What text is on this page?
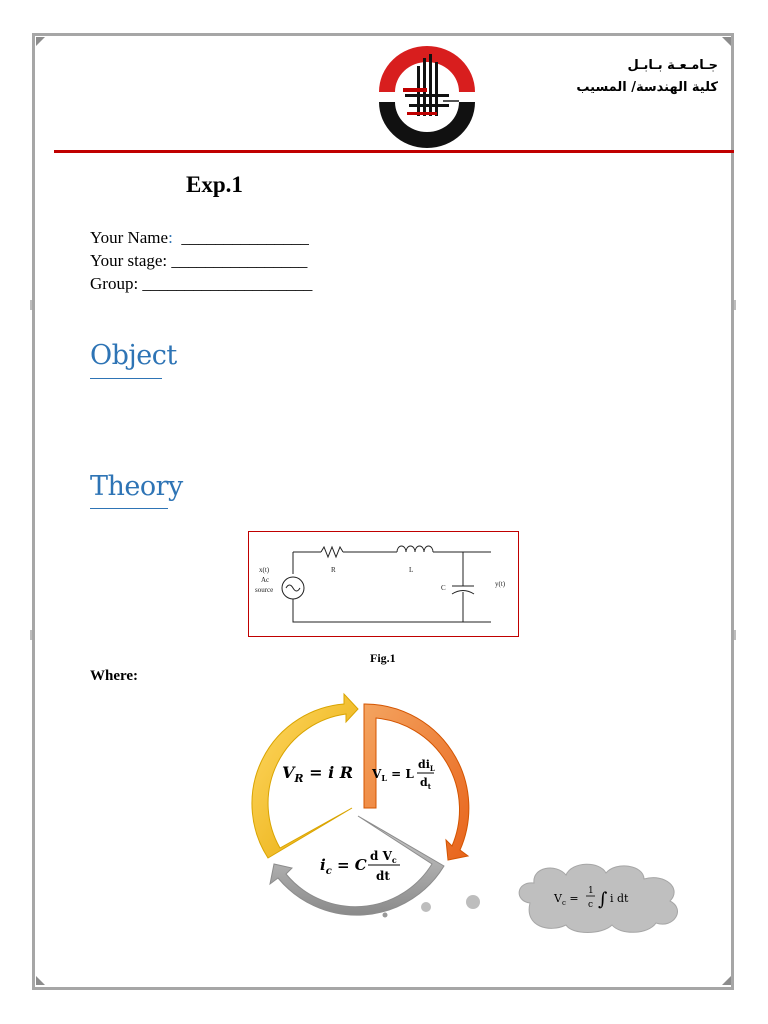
جـامـعـة بـابـل
كلية الهندسة/ المسيب
Exp.1
Your Name:  _______________
Your stage: ________________
Group: ____________________
Object
Theory
x(t)
Ac
source
R	L
C	y(t)
Fig.1
Where:
$V_R = i$ R $V_L = L$
$di_L$
$d_t$
$i_c = C$ d $V_c$
dt
$V_c$ =
1
c ∫ i dt
